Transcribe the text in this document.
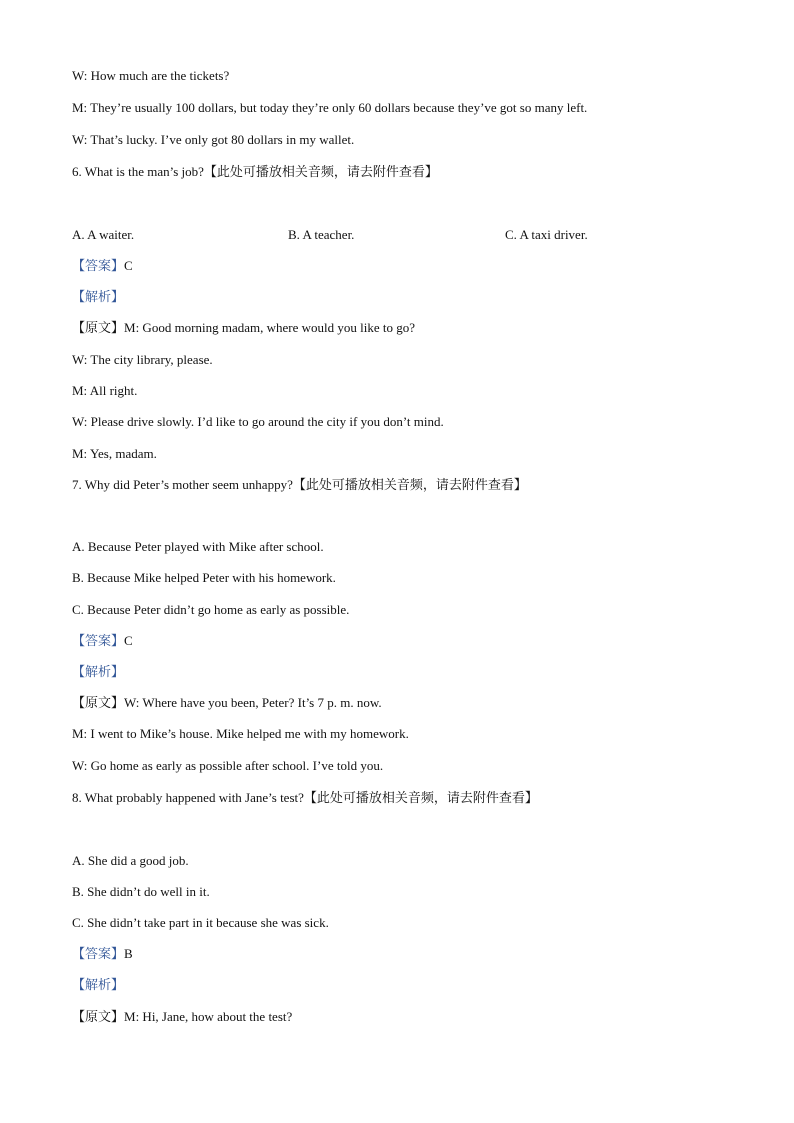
W: How much are the tickets?
M: They’re usually 100 dollars, but today they’re only 60 dollars because they’ve got so many left.
W: That’s lucky. I’ve only got 80 dollars in my wallet.
6. What is the man’s job?【此处可播放相关音频，请去附件查看】
A. A waiter.	B. A teacher.	C. A taxi driver.
【答案】C
【解析】
【原文】M: Good morning madam, where would you like to go?
W: The city library, please.
M: All right.
W: Please drive slowly. I’d like to go around the city if you don’t mind.
M: Yes, madam.
7. Why did Peter’s mother seem unhappy?【此处可播放相关音频，请去附件查看】
A. Because Peter played with Mike after school.
B. Because Mike helped Peter with his homework.
C. Because Peter didn’t go home as early as possible.
【答案】C
【解析】
【原文】W: Where have you been, Peter? It’s 7 p. m. now.
M: I went to Mike’s house. Mike helped me with my homework.
W: Go home as early as possible after school. I’ve told you.
8. What probably happened with Jane’s test?【此处可播放相关音频，请去附件查看】
A. She did a good job.
B. She didn’t do well in it.
C. She didn’t take part in it because she was sick.
【答案】B
【解析】
【原文】M: Hi, Jane, how about the test?
